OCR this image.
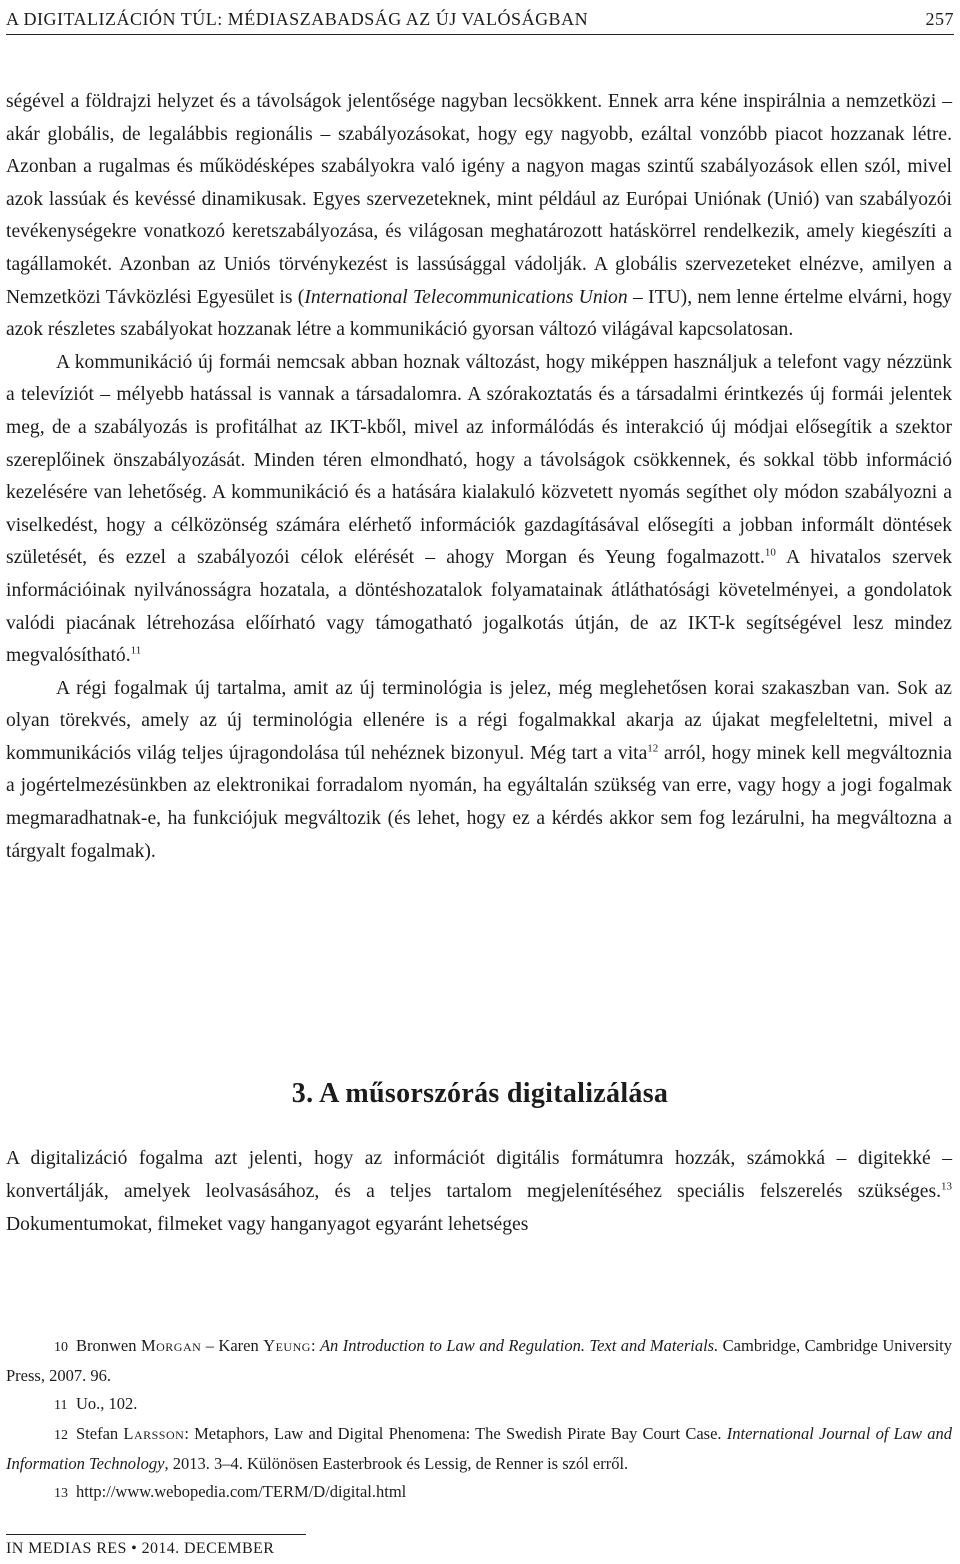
A DIGITALIZÁCIÓN TÚL: MÉDIASZABADSÁG AZ ÚJ VALÓSÁGBAN	257

ségével a földrajzi helyzet és a távolságok jelentősége nagyban lecsökkent. Ennek arra kéne inspirálnia a nemzetközi – akár globális, de legalábbis regionális – szabályozásokat, hogy egy nagyobb, ezáltal vonzóbb piacot hozzanak létre. Azonban a rugalmas és működésképes szabályokra való igény a nagyon magas szintű szabályozások ellen szól, mivel azok lassúak és kevéssé dinamikusak. Egyes szervezeteknek, mint például az Európai Uniónak (Unió) van szabályozói tevékenységekre vonatkozó keretszabályozása, és világosan meghatározott hatáskörrel rendelkezik, amely kiegészíti a tagállamokét. Azonban az Uniós törvénykezést is lassúsággal vádolják. A globális szervezeteket elnézve, amilyen a Nemzetközi Távközlési Egyesület is (International Telecommunications Union – ITU), nem lenne értelme elvárni, hogy azok részletes szabályokat hozzanak létre a kommunikáció gyorsan változó világával kapcsolatosan.

A kommunikáció új formái nemcsak abban hoznak változást, hogy miképpen használjuk a telefont vagy nézzünk a televíziót – mélyebb hatással is vannak a társadalomra. A szórakoztatás és a társadalmi érintkezés új formái jelentek meg, de a szabályozás is profitálhat az IKT-kből, mivel az informálódás és interakció új módjai elősegítik a szektor szereplőinek önszabályozását. Minden téren elmondható, hogy a távolságok csökkennek, és sokkal több információ kezelésére van lehetőség. A kommunikáció és a hatására kialakuló közvetett nyomás segíthet oly módon szabályozni a viselkedést, hogy a célközönség számára elérhető információk gazdagításával elősegíti a jobban informált döntések születését, és ezzel a szabályozói célok elérését – ahogy Morgan és Yeung fogalmazott.$^{10}$ A hivatalos szervek információinak nyilvánosságra hozatala, a döntéshozatalok folyamatainak átláthatósági követelményei, a gondolatok valódi piacának létrehozása előírható vagy támogatható jogalkotás útján, de az IKT-k segítségével lesz mindez megvalósítható.$^{11}$

A régi fogalmak új tartalma, amit az új terminológia is jelez, még meglehetősen korai szakaszban van. Sok az olyan törekvés, amely az új terminológia ellenére is a régi fogalmakkal akarja az újakat megfeleltetni, mivel a kommunikációs világ teljes újragondolása túl nehéznek bizonyul. Még tart a vita$^{12}$ arról, hogy minek kell megváltoznia a jogértelmezésünkben az elektronikai forradalom nyomán, ha egyáltalán szükség van erre, vagy hogy a jogi fogalmak megmaradhatnak-e, ha funkciójuk megváltozik (és lehet, hogy ez a kérdés akkor sem fog lezárulni, ha megváltozna a tárgyalt fogalmak).

3. A műsorszórás digitalizálása
A digitalizáció fogalma azt jelenti, hogy az információt digitális formátumra hozzák, számokká – digitekké – konvertálják, amelyek leolvasásához, és a teljes tartalom megjelenítéséhez speciális felszerelés szükséges.$^{13}$ Dokumentumokat, filmeket vagy hanganyagot egyaránt lehetséges

10 Bronwen Morgan – Karen Yeung: An Introduction to Law and Regulation. Text and Materials. Cambridge, Cambridge University Press, 2007. 96.

11 Uo., 102.

12 Stefan Larsson: Metaphors, Law and Digital Phenomena: The Swedish Pirate Bay Court Case. International Journal of Law and Information Technology, 2013. 3–4. Különösen Easterbrook és Lessig, de Renner is szól erről.

13 http://www.webopedia.com/TERM/D/digital.html

IN MEDIAS RES • 2014. DECEMBER
